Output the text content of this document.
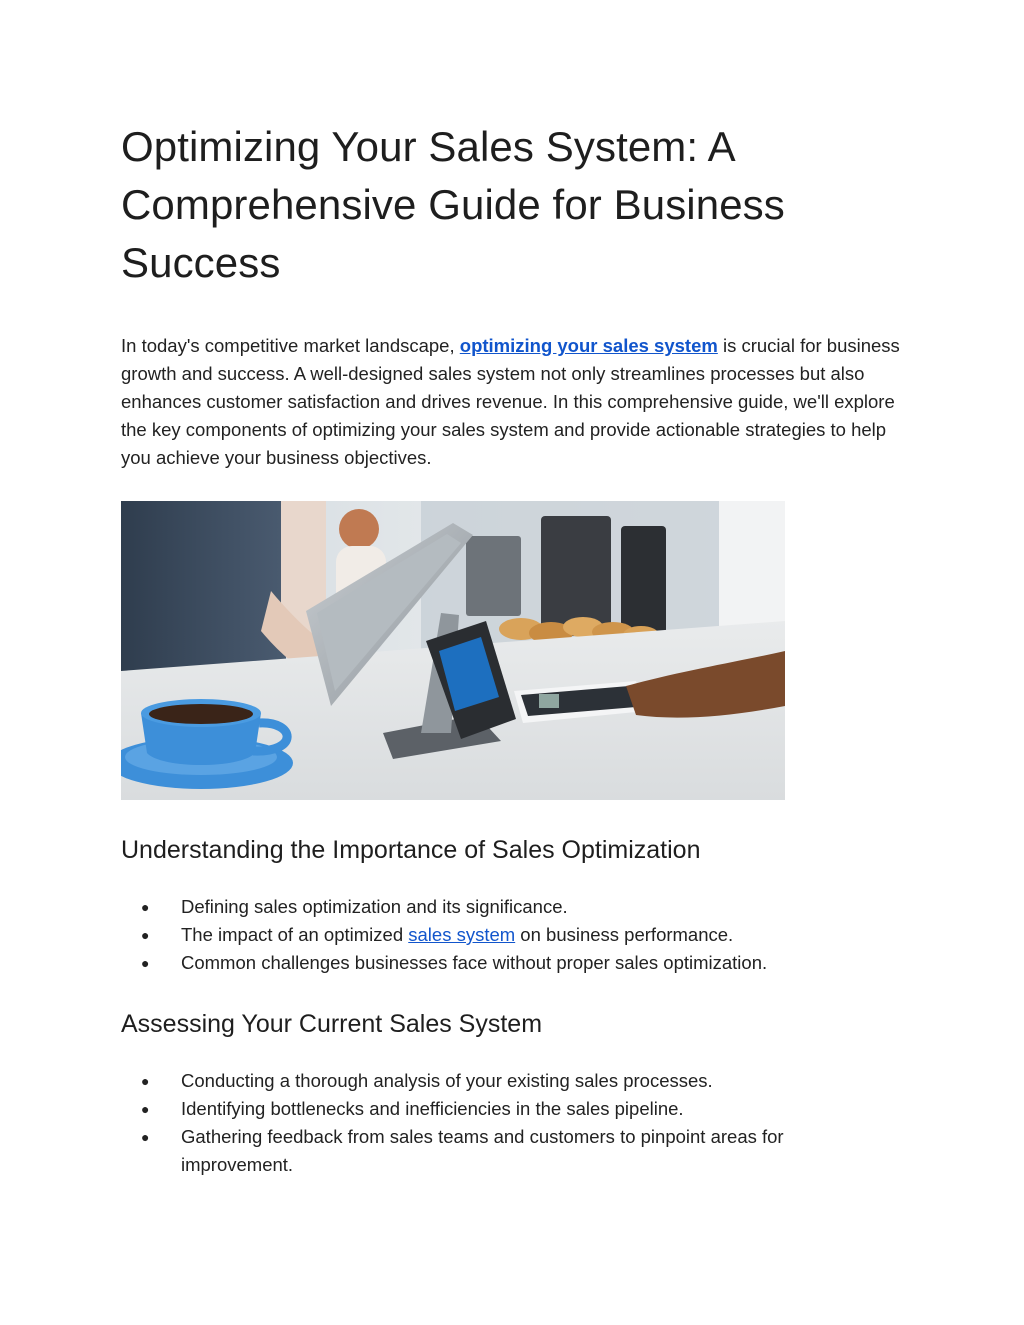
Optimizing Your Sales System: A Comprehensive Guide for Business Success

In today's competitive market landscape, optimizing your sales system is crucial for business growth and success. A well-designed sales system not only streamlines processes but also enhances customer satisfaction and drives revenue. In this comprehensive guide, we'll explore the key components of optimizing your sales system and provide actionable strategies to help you achieve your business objectives.

Understanding the Importance of Sales Optimization
● Defining sales optimization and its significance.
● The impact of an optimized sales system on business performance.
● Common challenges businesses face without proper sales optimization.
Assessing Your Current Sales System
● Conducting a thorough analysis of your existing sales processes.
● Identifying bottlenecks and inefficiencies in the sales pipeline.
● Gathering feedback from sales teams and customers to pinpoint areas for improvement.
